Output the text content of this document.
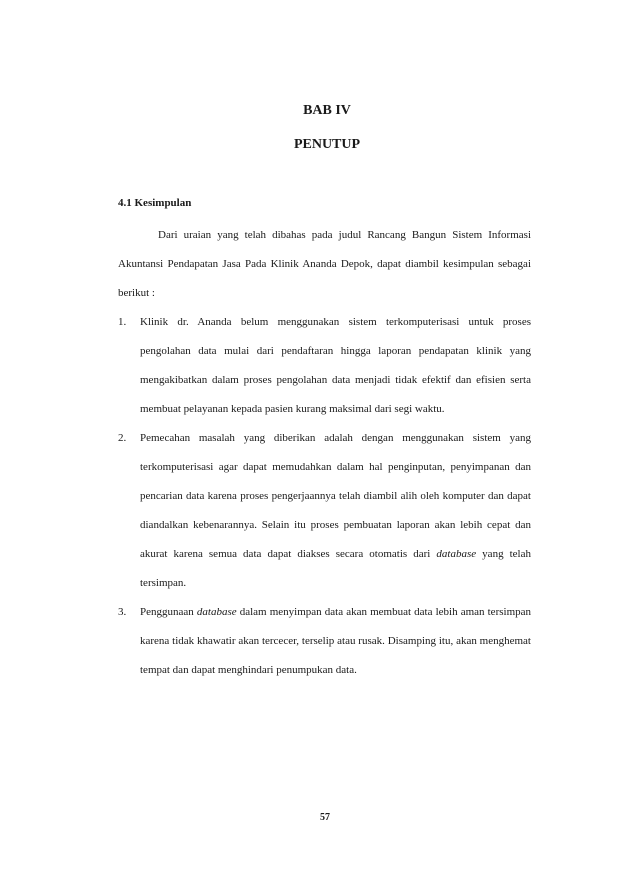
BAB IV
PENUTUP
4.1 Kesimpulan

Dari uraian yang telah dibahas pada judul Rancang Bangun Sistem Informasi Akuntansi Pendapatan Jasa Pada Klinik Ananda Depok, dapat diambil kesimpulan sebagai berikut :

1. Klinik dr. Ananda belum menggunakan sistem terkomputerisasi untuk proses pengolahan data mulai dari pendaftaran hingga laporan pendapatan klinik yang mengakibatkan dalam proses pengolahan data menjadi tidak efektif dan efisien serta membuat pelayanan kepada pasien kurang maksimal dari segi waktu.
2. Pemecahan masalah yang diberikan adalah dengan menggunakan sistem yang terkomputerisasi agar dapat memudahkan dalam hal penginputan, penyimpanan dan pencarian data karena proses pengerjaannya telah diambil alih oleh komputer dan dapat diandalkan kebenarannya. Selain itu proses pembuatan laporan akan lebih cepat dan akurat karena semua data dapat diakses secara otomatis dari database yang telah tersimpan.
3. Penggunaan database dalam menyimpan data akan membuat data lebih aman tersimpan karena tidak khawatir akan tercecer, terselip atau rusak. Disamping itu, akan menghemat tempat dan dapat menghindari penumpukan data.
57
